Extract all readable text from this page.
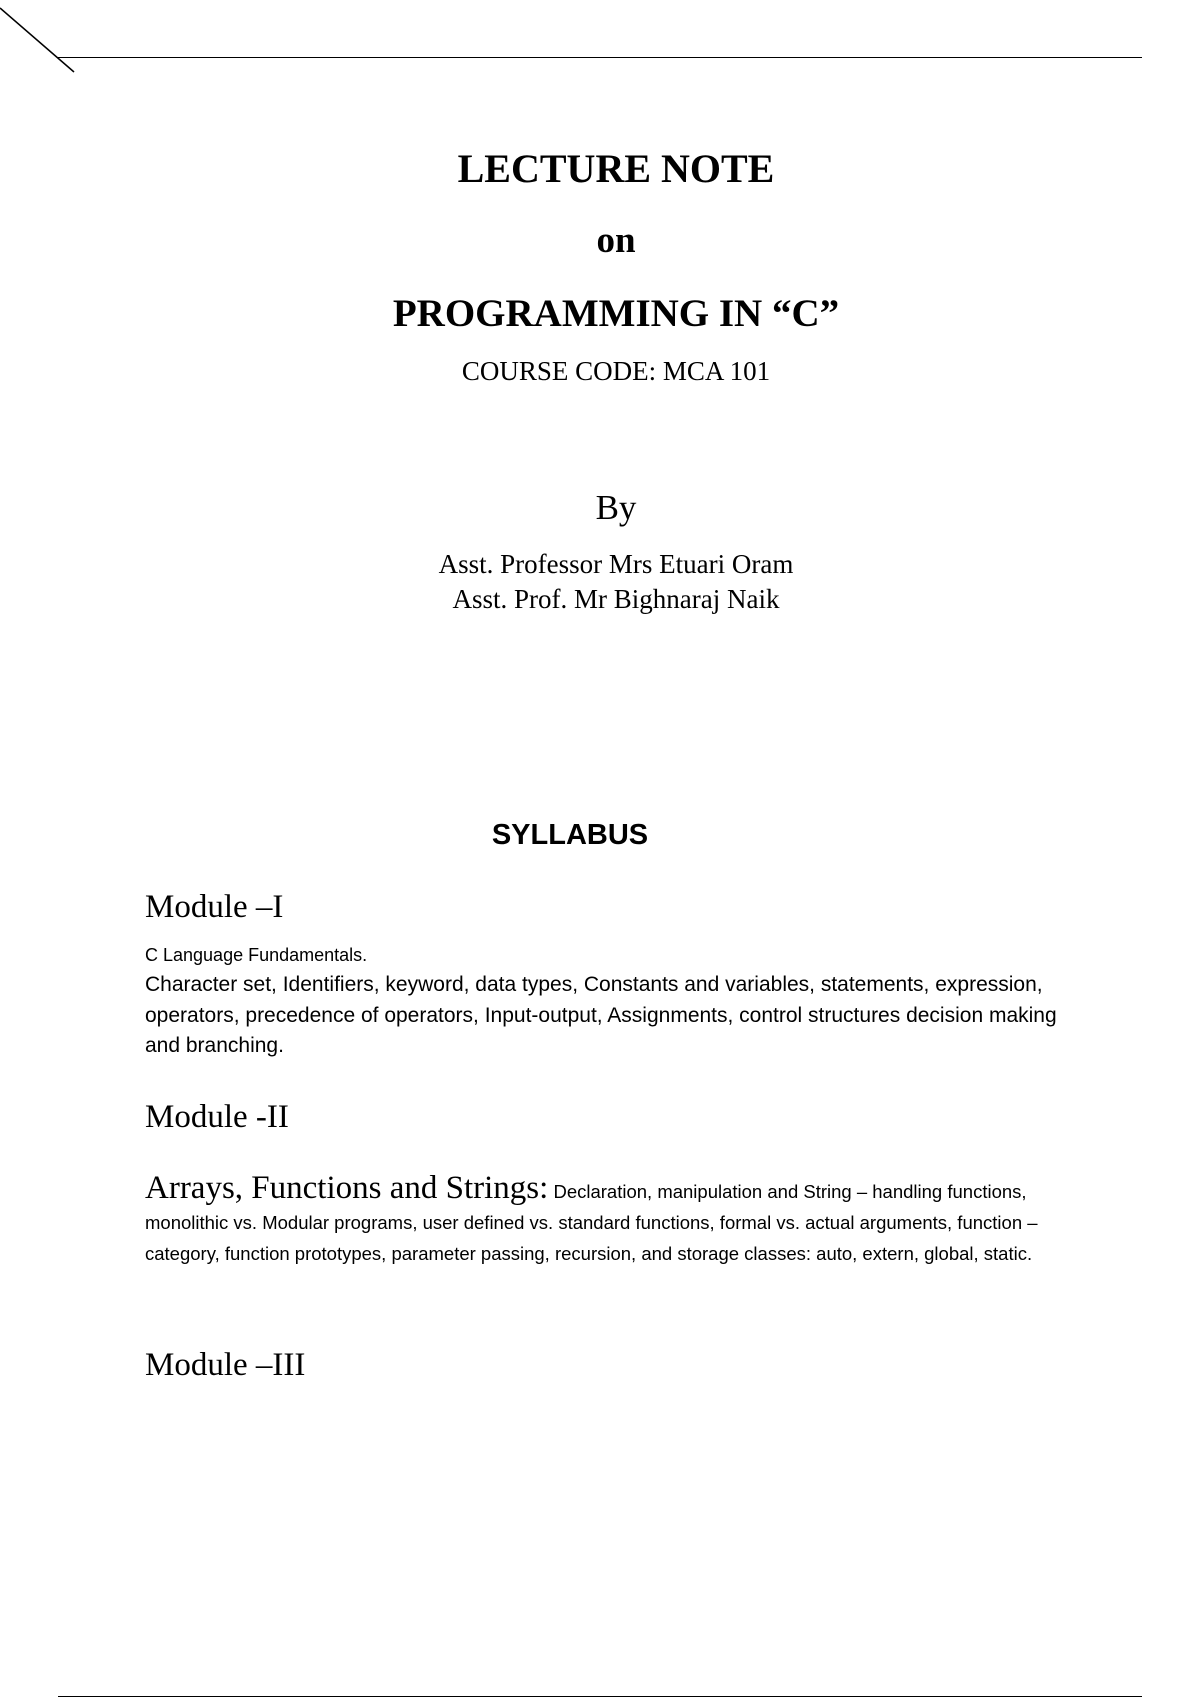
LECTURE NOTE
on
PROGRAMMING IN “C”
COURSE CODE: MCA 101
By
Asst. Professor Mrs Etuari Oram
Asst. Prof. Mr Bighnaraj Naik
SYLLABUS
Module –I
C Language Fundamentals.
Character set, Identifiers, keyword, data types, Constants and variables, statements, expression, operators, precedence of operators, Input-output, Assignments, control structures decision making and branching.
Module -II
Arrays, Functions and Strings: Declaration, manipulation and String – handling functions, monolithic vs. Modular programs, user defined vs. standard functions, formal vs. actual arguments, function – category, function prototypes, parameter passing, recursion, and storage classes: auto, extern, global, static.
Module –III
